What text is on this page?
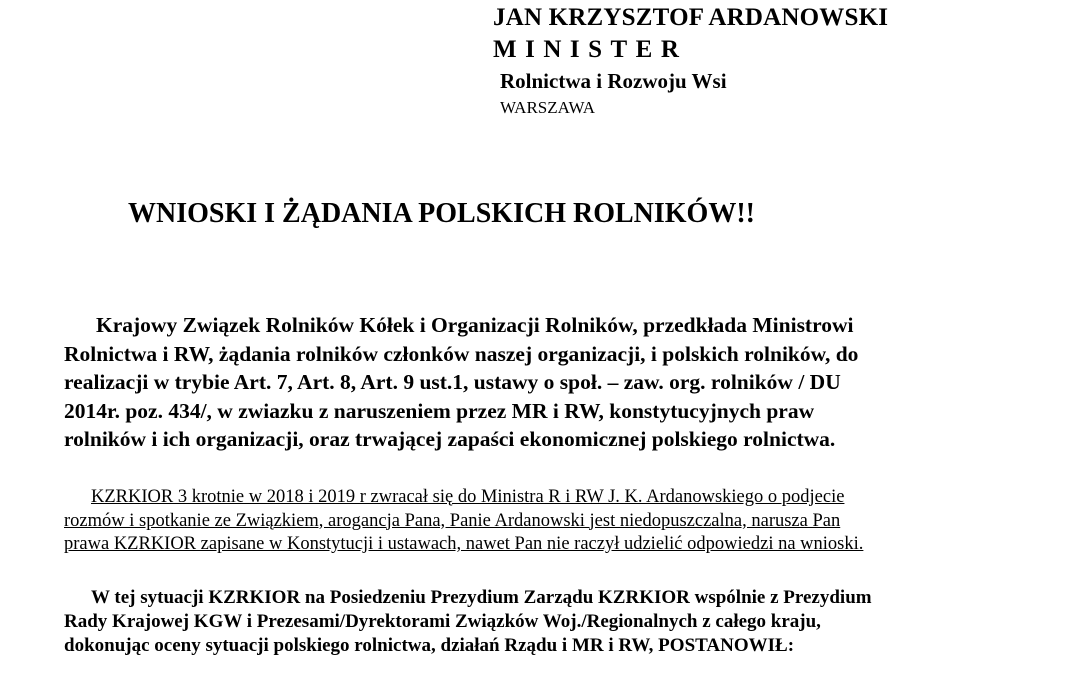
JAN KRZYSZTOF ARDANOWSKI
MINISTER
Rolnictwa i Rozwoju Wsi
WARSZAWA
WNIOSKI I ŻĄDANIA POLSKICH ROLNIKÓW!!
Krajowy Związek Rolników Kółek i Organizacji Rolników, przedkłada Ministrowi
Rolnictwa i RW, żądania rolników członków naszej organizacji, i polskich rolników, do
realizacji w trybie Art. 7, Art. 8, Art. 9 ust.1, ustawy o społ. – zaw. org. rolników / DU
2014r. poz. 434/, w zwiazku z naruszeniem przez MR i RW, konstytucyjnych praw
rolników i ich organizacji, oraz trwającej zapaści ekonomicznej polskiego rolnictwa.
KZRKIOR 3 krotnie w 2018 i 2019 r zwracał się do Ministra R i RW J. K. Ardanowskiego o podjecie
rozmów i spotkanie ze Związkiem, arogancja Pana, Panie Ardanowski jest niedopuszczalna, narusza Pan
prawa KZRKIOR zapisane w Konstytucji i ustawach, nawet Pan nie raczył udzielić odpowiedzi na wnioski.
W tej sytuacji KZRKIOR na Posiedzeniu Prezydium Zarządu KZRKIOR wspólnie z Prezydium
Rady Krajowej KGW i Prezesami/Dyrektorami Związków Woj./Regionalnych z całego kraju,
dokonując oceny sytuacji polskiego rolnictwa, działań Rządu i MR i RW, POSTANOWIŁ:
